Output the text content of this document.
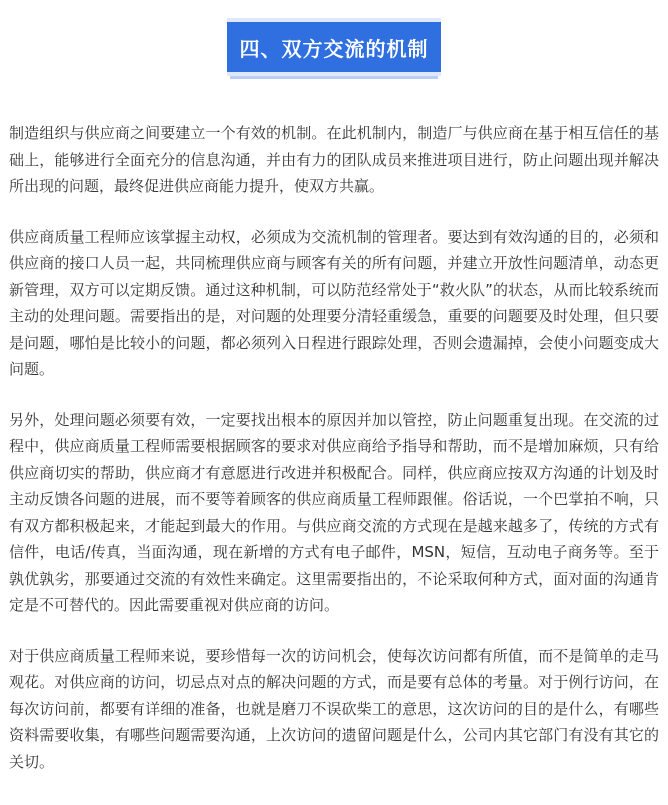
四、双方交流的机制

制造组织与供应商之间要建立一个有效的机制。在此机制内，制造厂与供应商在基于相互信任的基础上，能够进行全面充分的信息沟通，并由有力的团队成员来推进项目进行，防止问题出现并解决所出现的问题，最终促进供应商能力提升，使双方共赢。

供应商质量工程师应该掌握主动权，必须成为交流机制的管理者。要达到有效沟通的目的，必须和供应商的接口人员一起，共同梳理供应商与顾客有关的所有问题，并建立开放性问题清单，动态更新管理，双方可以定期反馈。通过这种机制，可以防范经常处于“救火队”的状态，从而比较系统而主动的处理问题。需要指出的是，对问题的处理要分清轻重缓急，重要的问题要及时处理，但只要是问题，哪怕是比较小的问题，都必须列入日程进行跟踪处理，否则会遗漏掉，会使小问题变成大问题。

另外，处理问题必须要有效，一定要找出根本的原因并加以管控，防止问题重复出现。在交流的过程中，供应商质量工程师需要根据顾客的要求对供应商给予指导和帮助，而不是增加麻烦，只有给供应商切实的帮助，供应商才有意愿进行改进并积极配合。同样，供应商应按双方沟通的计划及时主动反馈各问题的进展，而不要等着顾客的供应商质量工程师跟催。俗话说，一个巴掌拍不响，只有双方都积极起来，才能起到最大的作用。与供应商交流的方式现在是越来越多了，传统的方式有信件，电话/传真，当面沟通，现在新增的方式有电子邮件，MSN，短信，互动电子商务等。至于孰优孰劣，那要通过交流的有效性来确定。这里需要指出的，不论采取何种方式，面对面的沟通肯定是不可替代的。因此需要重视对供应商的访问。

对于供应商质量工程师来说，要珍惜每一次的访问机会，使每次访问都有所值，而不是简单的走马观花。对供应商的访问，切忌点对点的解决问题的方式，而是要有总体的考量。对于例行访问，在每次访问前，都要有详细的准备，也就是磨刀不误砍柴工的意思，这次访问的目的是什么，有哪些资料需要收集，有哪些问题需要沟通，上次访问的遗留问题是什么，公司内其它部门有没有其它的关切。
